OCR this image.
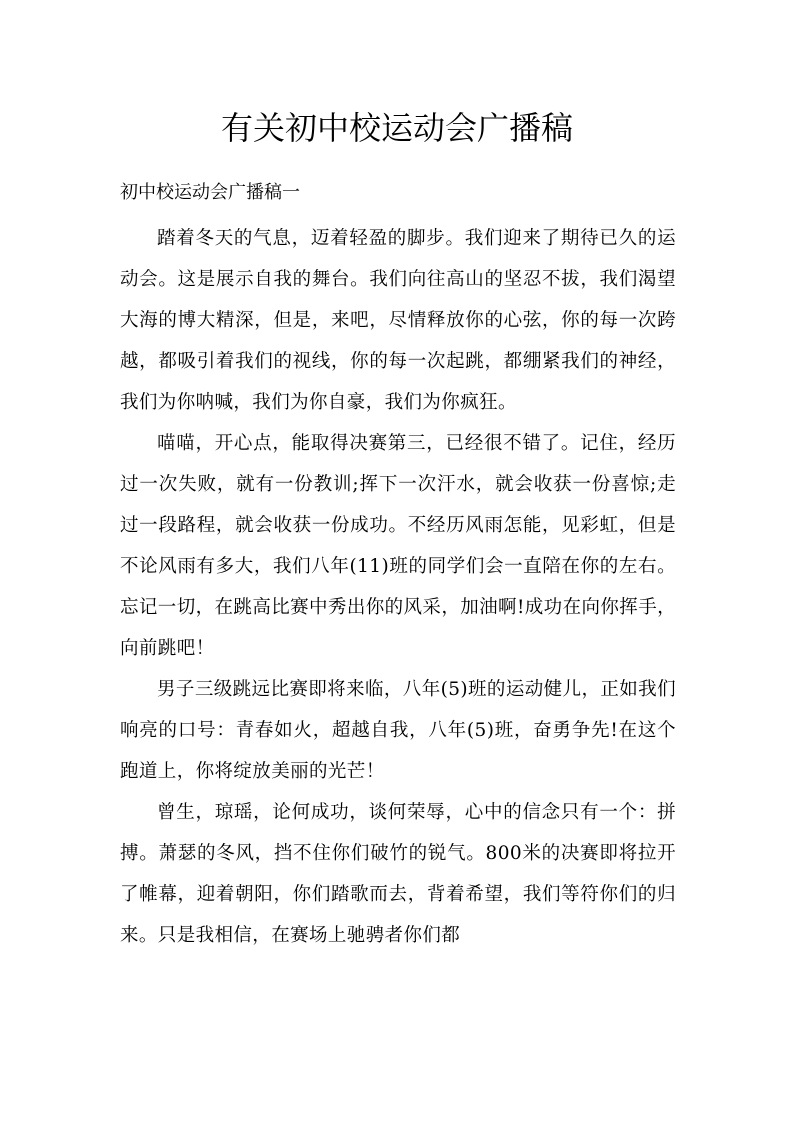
有关初中校运动会广播稿

初中校运动会广播稿一

踏着冬天的气息，迈着轻盈的脚步。我们迎来了期待已久的运动会。这是展示自我的舞台。我们向往高山的坚忍不拔，我们渴望大海的博大精深，但是，来吧，尽情释放你的心弦，你的每一次跨越，都吸引着我们的视线，你的每一次起跳，都绷紧我们的神经，我们为你呐喊，我们为你自豪，我们为你疯狂。

喵喵，开心点，能取得决赛第三，已经很不错了。记住，经历过一次失败，就有一份教训;挥下一次汗水，就会收获一份喜惊;走过一段路程，就会收获一份成功。不经历风雨怎能，见彩虹，但是不论风雨有多大，我们八年(11)班的同学们会一直陪在你的左右。忘记一切，在跳高比赛中秀出你的风采，加油啊!成功在向你挥手，向前跳吧！

男子三级跳远比赛即将来临，八年(5)班的运动健儿，正如我们响亮的口号：青春如火，超越自我，八年(5)班，奋勇争先!在这个跑道上，你将绽放美丽的光芒！

曾生，琼瑶，论何成功，谈何荣辱，心中的信念只有一个：拼搏。萧瑟的冬风，挡不住你们破竹的锐气。800米的决赛即将拉开了帷幕，迎着朝阳，你们踏歌而去，背着希望，我们等符你们的归来。只是我相信，在赛场上驰骋者你们都
